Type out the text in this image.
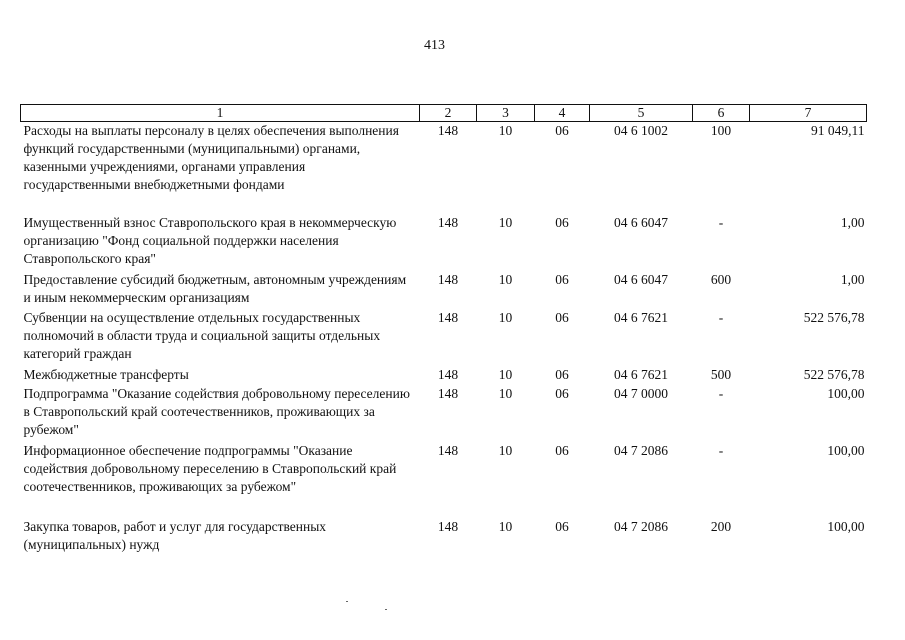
413
1	2	3	4	5	6	7
Расходы на выплаты персоналу в целях обеспечения выполнения функций государственными (муниципальными) органами, казенными учреждениями, органами управления государственными внебюджетными фондами	148	10	06	04 6 1002	100	91 049,11
Имущественный взнос Ставропольского края в некоммерческую организацию "Фонд социальной поддержки населения Ставропольского края"	148	10	06	04 6 6047	-	1,00
Предоставление субсидий бюджетным, автономным учреждениям и иным некоммерческим организациям	148	10	06	04 6 6047	600	1,00
Субвенции на осуществление отдельных государственных полномочий в области труда и социальной защиты отдельных категорий граждан	148	10	06	04 6 7621	-	522 576,78
Межбюджетные трансферты	148	10	06	04 6 7621	500	522 576,78
Подпрограмма "Оказание содействия добровольному переселению в Ставропольский край соотечественников, проживающих за рубежом"	148	10	06	04 7 0000	-	100,00
Информационное обеспечение подпрограммы "Оказание содействия добровольному переселению в Ставропольский край соотечественников, проживающих за рубежом"	148	10	06	04 7 2086	-	100,00
Закупка товаров, работ и услуг для государственных (муниципальных) нужд	148	10	06	04 7 2086	200	100,00
